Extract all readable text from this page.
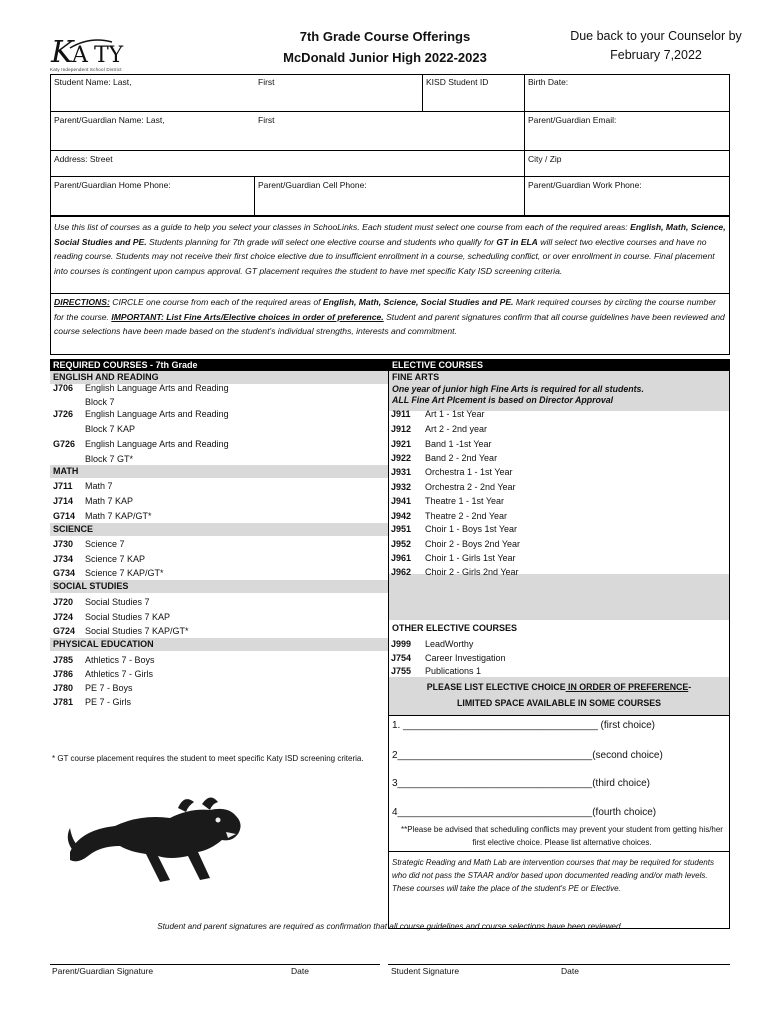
K A TY
Katy Independent School District
7th Grade Course Offerings
McDonald Junior High 2022-2023
Due back to your Counselor by
February 7,2022
Student Name: Last,	First	KISD Student ID	Birth Date:
Parent/Guardian Name: Last,	First	Parent/Guardian Email:
Address: Street	City / Zip
Parent/Guardian Home Phone:	Parent/Guardian Cell Phone:	Parent/Guardian Work Phone:
Use this list of courses as a guide to help you select your classes in SchooLinks. Each student must select one course from each of the required areas: English, Math, Science, Social Studies and PE. Students planning for 7th grade will select one elective course and students who qualify for GT in ELA will select two elective courses and have no reading course. Students may not receive their first choice elective due to insufficient enrollment in a course, scheduling conflict, or over enrollment in course. Final placement into courses is contingent upon campus approval. GT placement requires the student to have met specific Katy ISD screening criteria.
DIRECTIONS: CIRCLE one course from each of the required areas of English, Math, Science, Social Studies and PE. Mark required courses by circling the course number for the course. IMPORTANT: List Fine Arts/Elective choices in order of preference. Student and parent signatures confirm that all course guidelines have been reviewed and course selections have been made based on the student's individual strengths, interests and commitment.
REQUIRED COURSES - 7th Grade
ENGLISH AND READING
J706 English Language Arts and Reading
Block 7
J726 English Language Arts and Reading
Block 7 KAP
G726 English Language Arts and Reading
Block 7 GT*
MATH
J711 Math 7
J714 Math 7 KAP
G714 Math 7 KAP/GT*
SCIENCE
J730 Science 7
J734 Science 7 KAP
G734 Science 7 KAP/GT*
SOCIAL STUDIES
J720 Social Studies 7
J724 Social Studies 7 KAP
G724 Social Studies 7 KAP/GT*
PHYSICAL EDUCATION
J785 Athletics 7 - Boys
J786 Athletics 7 - Girls
J780 PE 7 - Boys
J781 PE 7 - Girls
ELECTIVE COURSES
FINE ARTS
One year of junior high Fine Arts is required for all students.
ALL Fine Art Plcement is based on Director Approval
OTHER ELECTIVE COURSES
PLEASE LIST ELECTIVE CHOICE IN ORDER OF PREFERENCE-
LIMITED SPACE AVAILABLE IN SOME COURSES
1. ___________________________________ (first choice)
2___________________________________(second choice)
3___________________________________(third choice)
4___________________________________(fourth choice)
**Please be advised that scheduling conflicts may prevent your student from getting his/her first elective choice. Please list alternative choices.
Strategic Reading and Math Lab are intervention courses that may be required for students who did not pass the STAAR and/or based upon documented reading and/or math levels. These courses will take the place of the student's PE or Elective.
J911 Art 1 - 1st Year
J912 Art 2 - 2nd year
J921 Band 1 -1st Year
J922 Band 2 - 2nd Year
J931 Orchestra 1 - 1st Year
J932 Orchestra 2 - 2nd Year
J941 Theatre 1 - 1st Year
J942 Theatre 2 - 2nd Year
J951 Choir 1 - Boys 1st Year
J952 Choir 2 - Boys 2nd Year
J961 Choir 1 - Girls 1st Year
J962 Choir 2 - Girls 2nd Year
J999 LeadWorthy
J754 Career Investigation
J755 Publications 1
* GT course placement requires the student to meet specific Katy ISD screening criteria.
Student and parent signatures are required as confirmation that all course guidelines and course selections have been reviewed.
Parent/Guardian Signature	Date	Student Signature	Date
